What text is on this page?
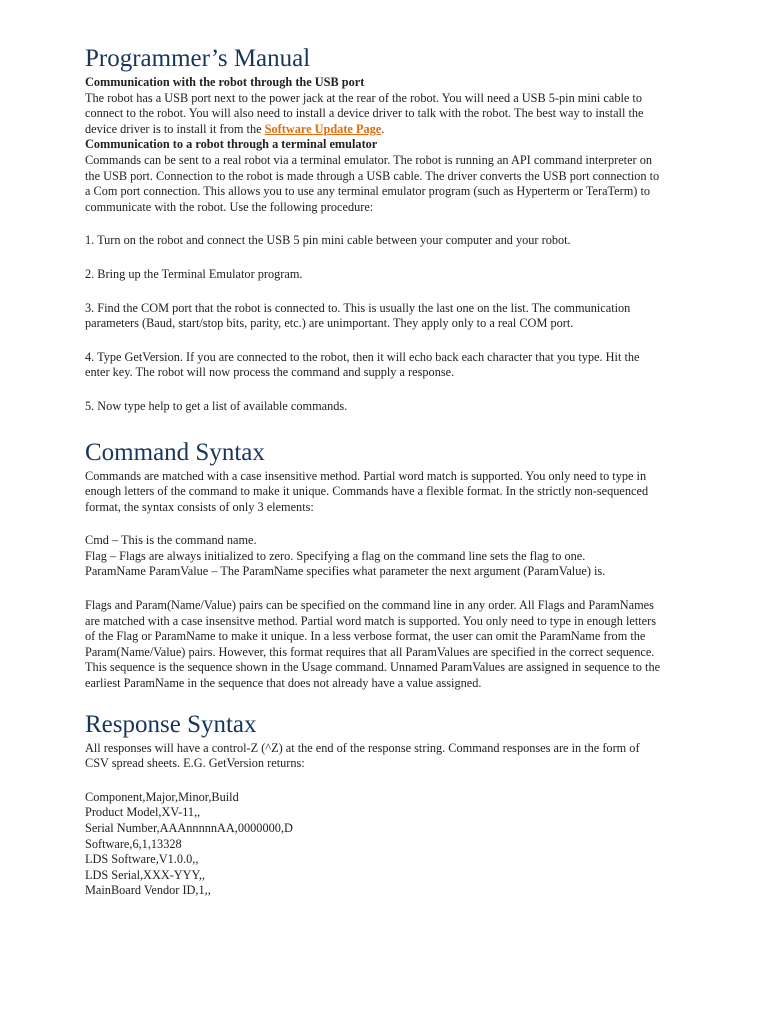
Programmer’s Manual
Communication with the robot through the USB port

The robot has a USB port next to the power jack at the rear of the robot. You will need a USB 5-pin mini cable to connect to the robot. You will also need to install a device driver to talk with the robot. The best way to install the device driver is to install it from the Software Update Page.

Communication to a robot through a terminal emulator

Commands can be sent to a real robot via a terminal emulator. The robot is running an API command interpreter on the USB port. Connection to the robot is made through a USB cable. The driver converts the USB port connection to a Com port connection. This allows you to use any terminal emulator program (such as Hyperterm or TeraTerm) to communicate with the robot. Use the following procedure:

1. Turn on the robot and connect the USB 5 pin mini cable between your computer and your robot.

2. Bring up the Terminal Emulator program.

3. Find the COM port that the robot is connected to. This is usually the last one on the list. The communication parameters (Baud, start/stop bits, parity, etc.) are unimportant. They apply only to a real COM port.

4. Type GetVersion. If you are connected to the robot, then it will echo back each character that you type. Hit the enter key. The robot will now process the command and supply a response.

5. Now type help to get a list of available commands.

Command Syntax

Commands are matched with a case insensitive method. Partial word match is supported. You only need to type in enough letters of the command to make it unique. Commands have a flexible format. In the strictly non-sequenced format, the syntax consists of only 3 elements:

Cmd – This is the command name.

Flag – Flags are always initialized to zero. Specifying a flag on the command line sets the flag to one.

ParamName ParamValue – The ParamName specifies what parameter the next argument (ParamValue) is.

Flags and Param(Name/Value) pairs can be specified on the command line in any order. All Flags and ParamNames are matched with a case insensitve method. Partial word match is supported. You only need to type in enough letters of the Flag or ParamName to make it unique. In a less verbose format, the user can omit the ParamName from the Param(Name/Value) pairs. However, this format requires that all ParamValues are specified in the correct sequence. This sequence is the sequence shown in the Usage command. Unnamed ParamValues are assigned in sequence to the earliest ParamName in the sequence that does not already have a value assigned.

Response Syntax

All responses will have a control-Z (^Z) at the end of the response string. Command responses are in the form of CSV spread sheets. E.G. GetVersion returns:

Component,Major,Minor,Build

Product Model,XV-11,,

Serial Number,AAAnnnnnAA,0000000,D

Software,6,1,13328

LDS Software,V1.0.0,,

LDS Serial,XXX-YYY,,

MainBoard Vendor ID,1,,
